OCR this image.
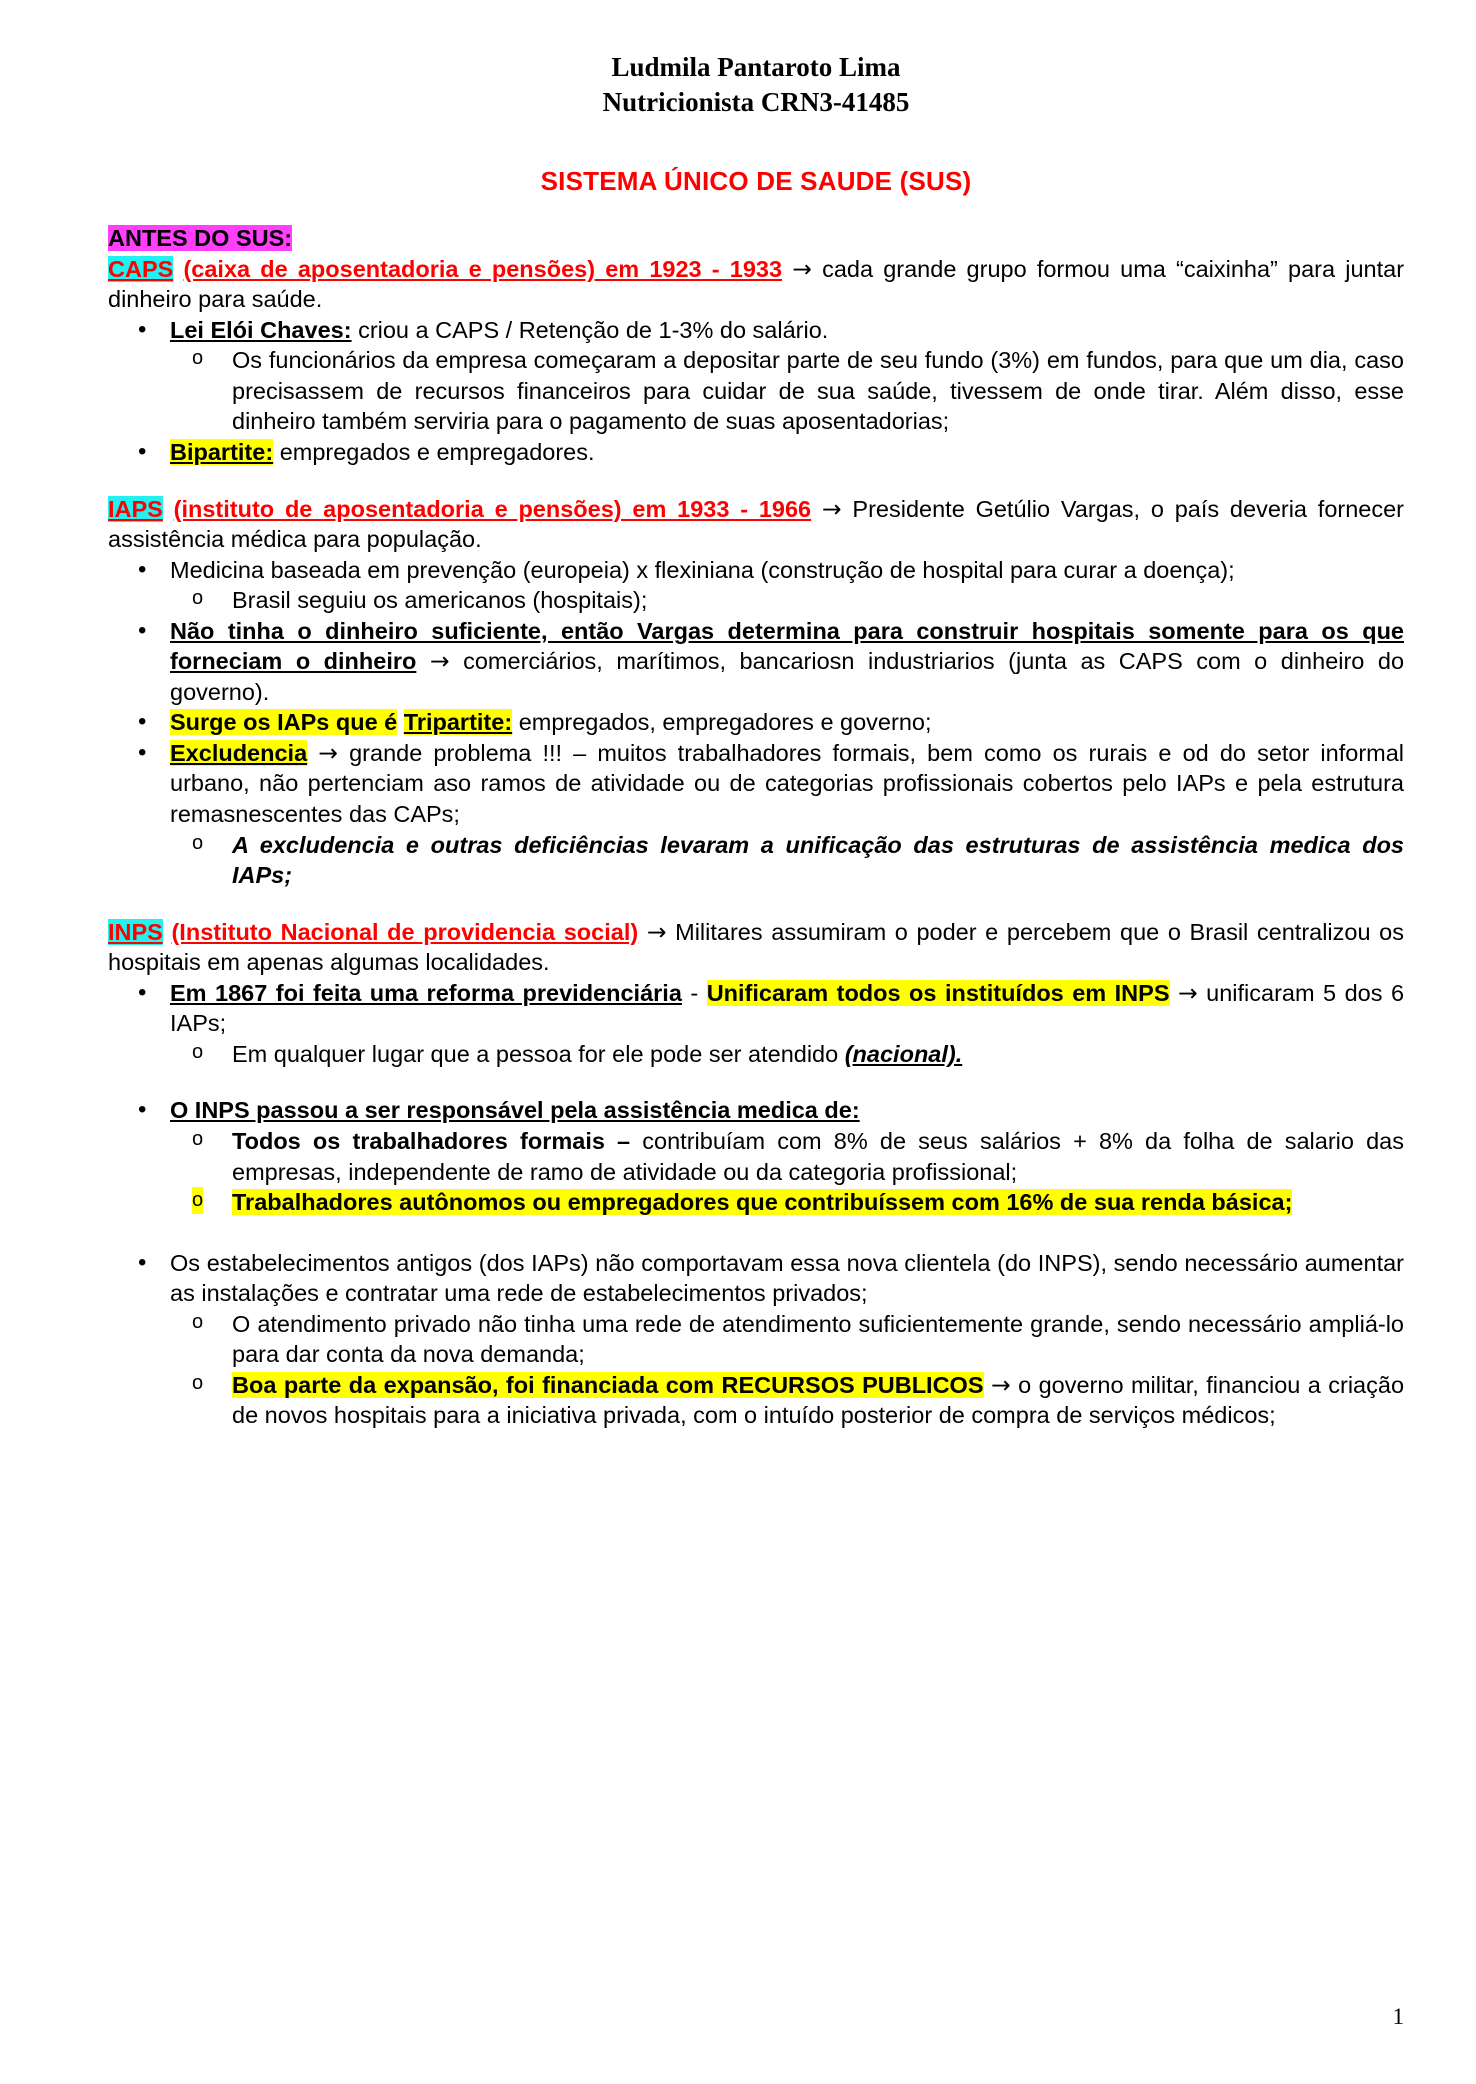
Ludmila Pantaroto Lima
Nutricionista CRN3-41485
SISTEMA ÚNICO DE SAUDE (SUS)

ANTES DO SUS:

CAPS (caixa de aposentadoria e pensões) em 1923 - 1933 → cada grande grupo formou uma “caixinha” para juntar dinheiro para saúde.

• Lei Elói Chaves: criou a CAPS / Retenção de 1-3% do salário.
o Os funcionários da empresa começaram a depositar parte de seu fundo (3%) em fundos, para que um dia, caso precisassem de recursos financeiros para cuidar de sua saúde, tivessem de onde tirar. Além disso, esse dinheiro também serviria para o pagamento de suas aposentadorias;
• Bipartite: empregados e empregadores.

IAPS (instituto de aposentadoria e pensões) em 1933 - 1966 → Presidente Getúlio Vargas, o país deveria fornecer assistência médica para população.

• Medicina baseada em prevenção (europeia) x flexiniana (construção de hospital para curar a doença);
o Brasil seguiu os americanos (hospitais);
• Não tinha o dinheiro suficiente, então Vargas determina para construir hospitais somente para os que forneciam o dinheiro → comerciários, marítimos, bancariosn industriarios (junta as CAPS com o dinheiro do governo).
• Surge os IAPs que é Tripartite: empregados, empregadores e governo;
• Excludencia → grande problema !!! – muitos trabalhadores formais, bem como os rurais e od do setor informal urbano, não pertenciam aso ramos de atividade ou de categorias profissionais cobertos pelo IAPs e pela estrutura remasnescentes das CAPs;
o A excludencia e outras deficiências levaram a unificação das estruturas de assistência medica dos IAPs;

INPS (Instituto Nacional de providencia social) → Militares assumiram o poder e percebem que o Brasil centralizou os hospitais em apenas algumas localidades.

• Em 1867 foi feita uma reforma previdenciária - Unificaram todos os instituídos em INPS → unificaram 5 dos 6 IAPs;
o Em qualquer lugar que a pessoa for ele pode ser atendido (nacional).
• O INPS passou a ser responsável pela assistência medica de:
o Todos os trabalhadores formais – contribuíam com 8% de seus salários + 8% da folha de salario das empresas, independente de ramo de atividade ou da categoria profissional;
o Trabalhadores autônomos ou empregadores que contribuíssem com 16% de sua renda básica;
• Os estabelecimentos antigos (dos IAPs) não comportavam essa nova clientela (do INPS), sendo necessário aumentar as instalações e contratar uma rede de estabelecimentos privados;
o O atendimento privado não tinha uma rede de atendimento suficientemente grande, sendo necessário ampliá-lo para dar conta da nova demanda;
o Boa parte da expansão, foi financiada com RECURSOS PUBLICOS → o governo militar, financiou a criação de novos hospitais para a iniciativa privada, com o intuído posterior de compra de serviços médicos;
1
